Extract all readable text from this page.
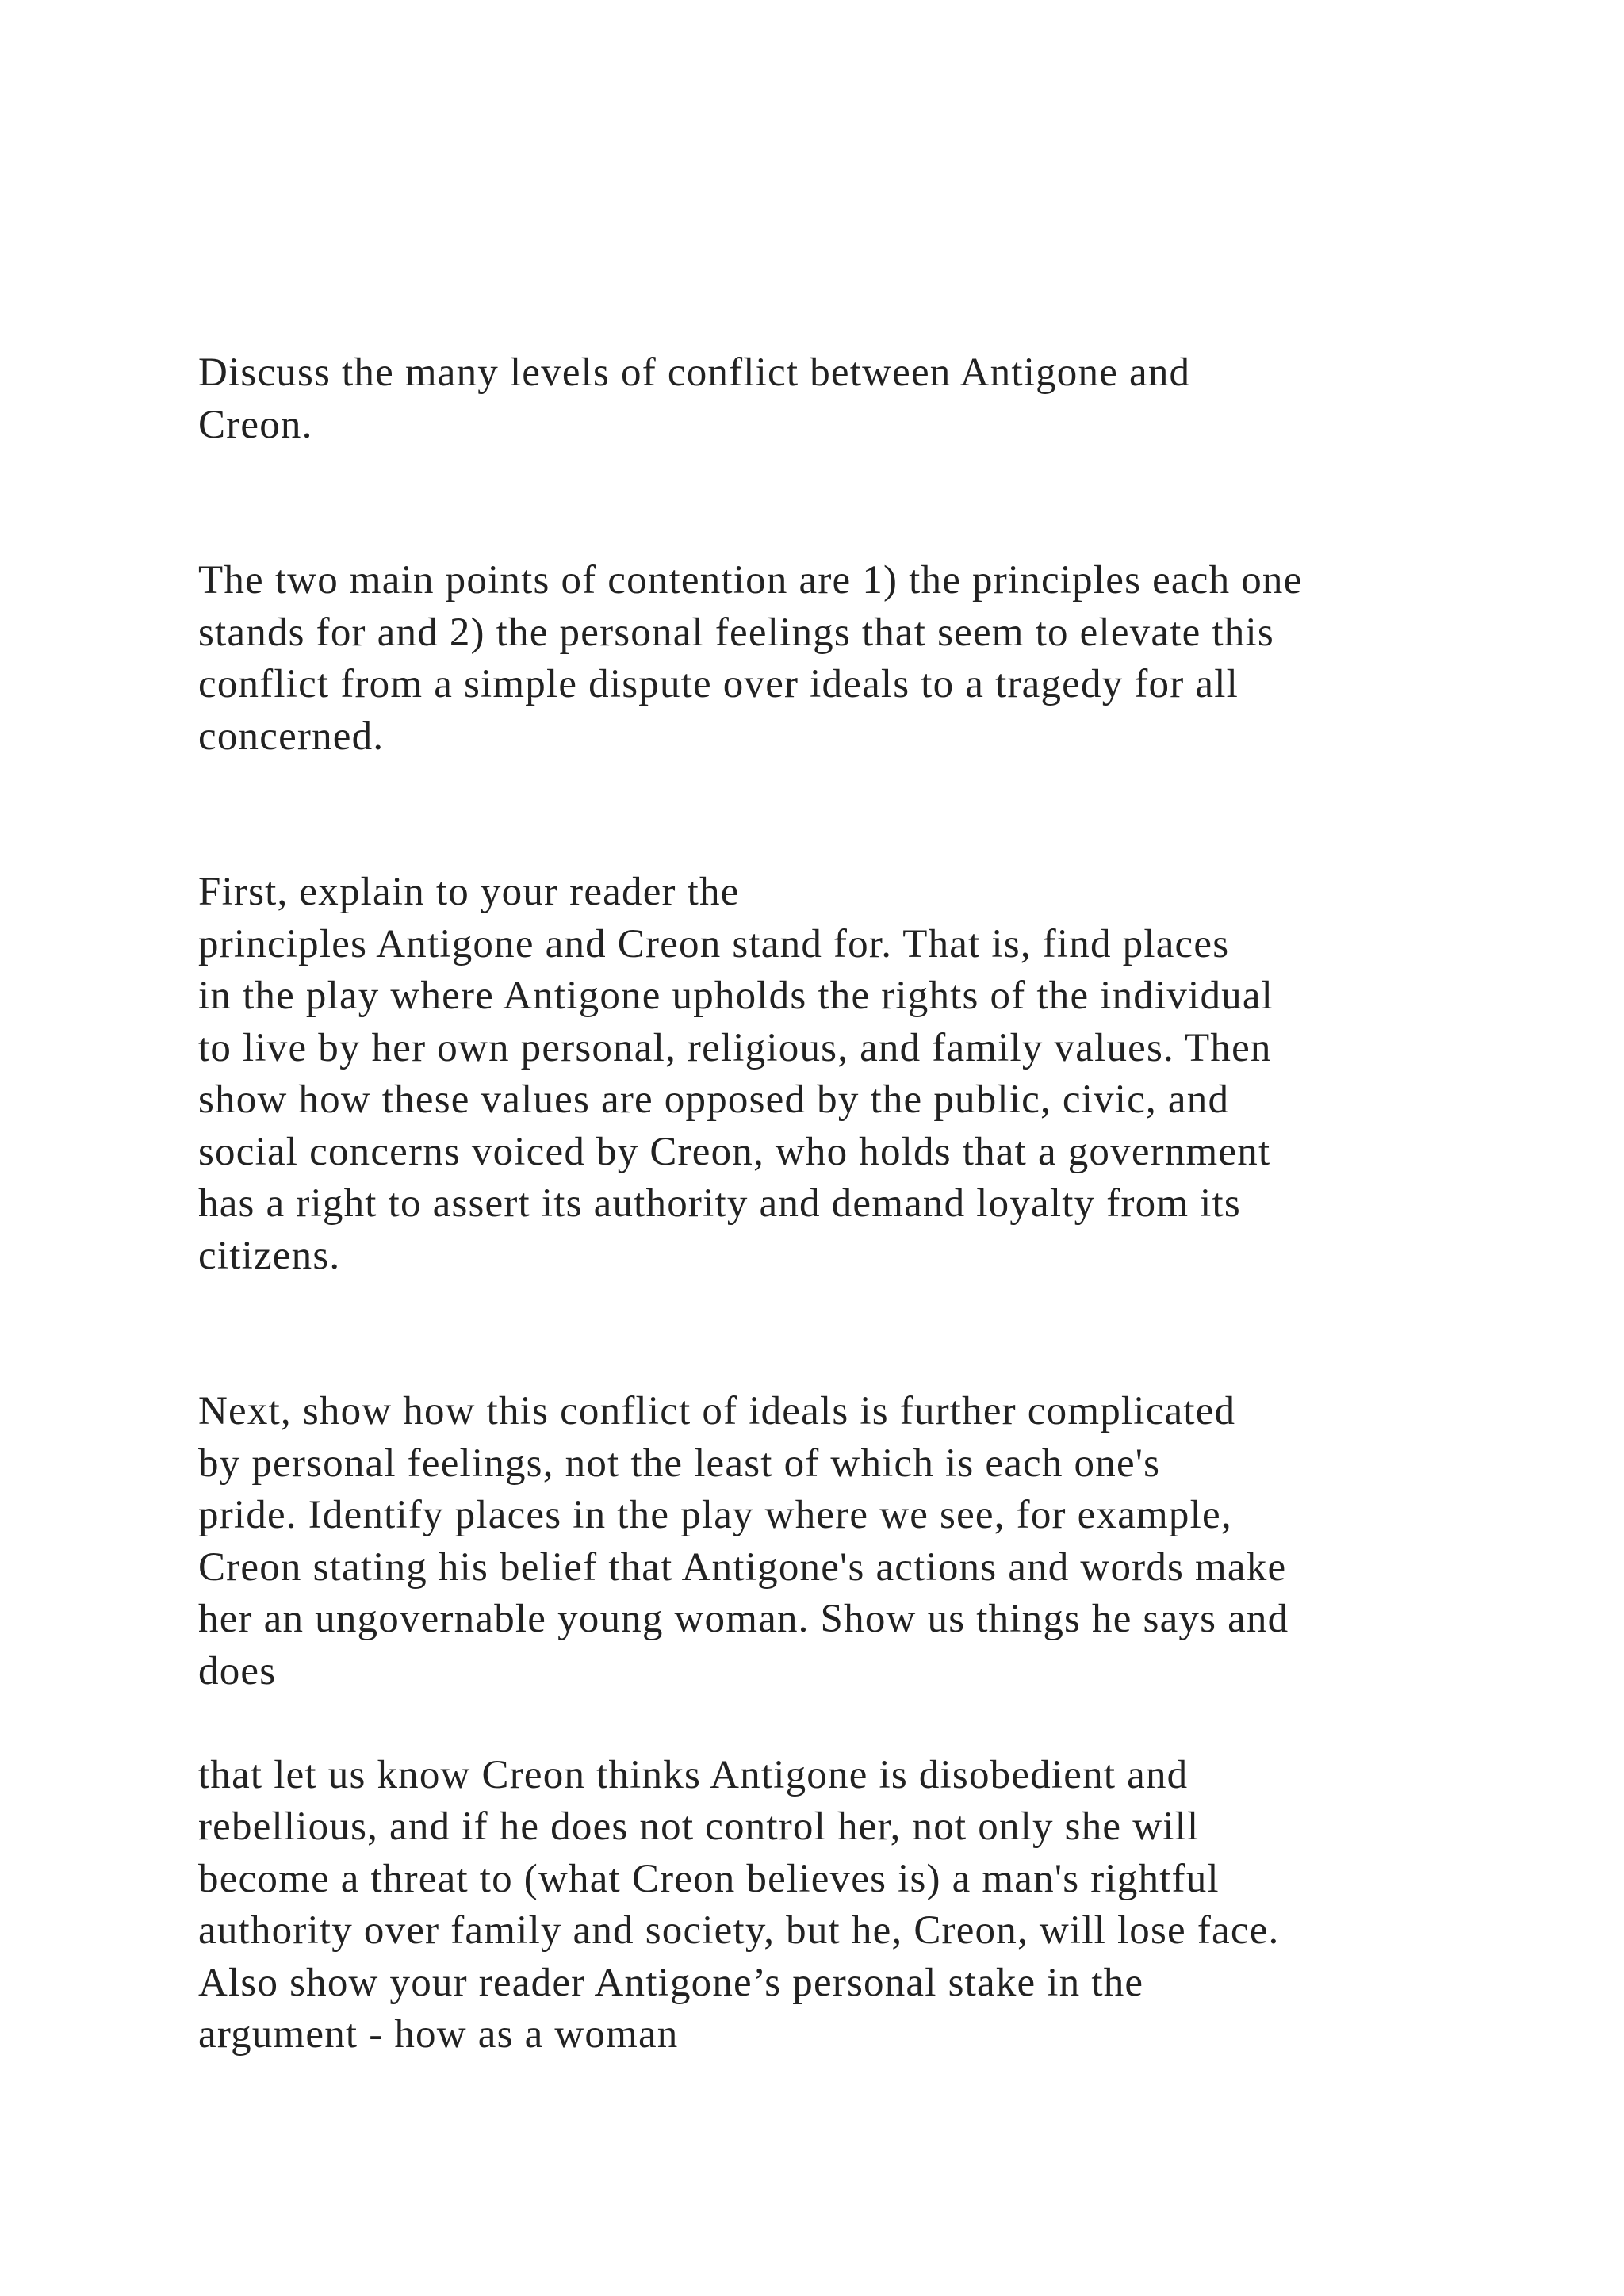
Discuss the many levels of conflict between Antigone and
Creon.

The two main points of contention are 1) the principles each one
stands for and 2) the personal feelings that seem to elevate this
conflict from a simple dispute over ideals to a tragedy for all
concerned.

First, explain to your reader the
principles Antigone and Creon stand for. That is, find places
in the play where Antigone upholds the rights of the individual
to live by her own personal, religious, and family values. Then
show how these values are opposed by the public, civic, and
social concerns voiced by Creon, who holds that a government
has a right to assert its authority and demand loyalty from its
citizens.

Next, show how this conflict of ideals is further complicated
by personal feelings, not the least of which is each one's
pride. Identify places in the play where we see, for example,
Creon stating his belief that Antigone's actions and words make
her an ungovernable young woman. Show us things he says and
does

that let us know Creon thinks Antigone is disobedient and
rebellious, and if he does not control her, not only she will
become a threat to (what Creon believes is) a man's rightful
authority over family and society, but he, Creon, will lose face.
Also show your reader Antigone’s personal stake in the
argument - how as a woman
